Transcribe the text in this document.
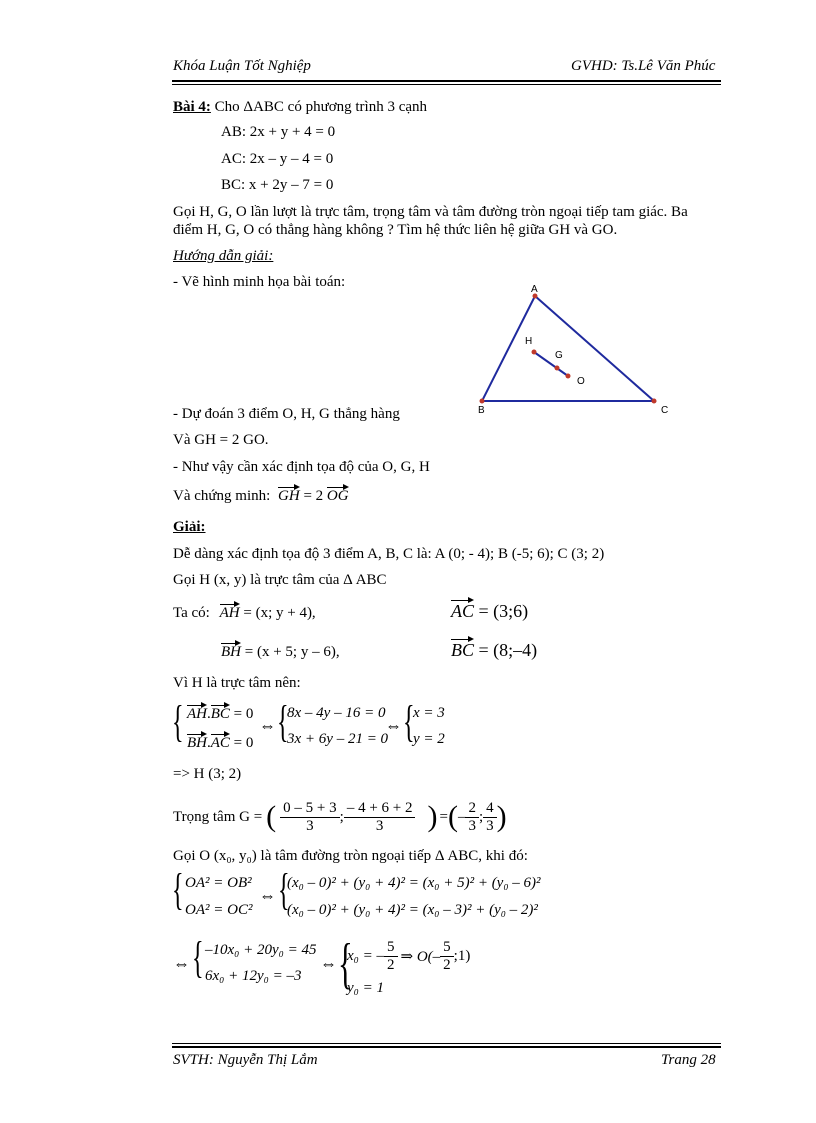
Khóa Luận Tốt Nghiệp	GVHD: Ts.Lê Văn Phúc
Bài 4: Cho ΔABC có phương trình 3 cạnh
AB: 2x + y + 4 = 0
AC: 2x – y – 4 = 0
BC: x + 2y – 7 = 0
Gọi H, G, O lần lượt là trực tâm, trọng tâm và tâm đường tròn ngoại tiếp tam giác. Ba
điểm H, G, O có thẳng hàng không ? Tìm hệ thức liên hệ giữa GH và GO.
Hướng dẫn giải:
- Vẽ hình minh họa bài toán:	A
B	C
H
G
O
- Dự đoán 3 điểm O, H, G thẳng hàng
Và GH = 2 GO.
- Như vậy cần xác định tọa độ của O, G, H
Và chứng minh: GH = 2 OG
Giải:
Dễ dàng xác định tọa độ 3 điểm A, B, C là: A (0; - 4); B (-5; 6); C (3; 2)
Gọi H (x, y) là trực tâm của Δ ABC
Ta có: AH = (x; y + 4),	AC = (3;6)
BH = (x + 5; y – 6),	BC = (8;–4)
Vì H là trực tâm nên:
{ AH.BC = 0
BH.AC = 0
⇔ {
8x – 4y – 16 = 0
3x + 6y – 21 = 0
⇔ {
x = 3
y = 2
=> H (3; 2)
Trọng tâm G = ( $\frac{0 - 5 + 3}{3}$ ; $\frac{- 4 + 6 + 2}{3}$ ) = ( – $\frac{2}{3}$ ; $\frac{4}{3}$ )
Gọi O (x₀, y₀) là tâm đường tròn ngoại tiếp Δ ABC, khi đó:
{ OA² = OB²
OA² = OC²
⇔ {
(x₀ – 0)² + (y₀ + 4)² = (x₀ + 5)² + (y₀ – 6)²
(x₀ – 0)² + (y₀ + 4)² = (x₀ – 3)² + (y₀ – 2)²
⇔ { –10x₀ + 20y₀ = 45
6x₀ + 12y₀ = –3
⇔ {
x₀ = – $\frac{5}{2}$ ⇒ $O(- \frac{5}{2}$ ;1)
y₀ = 1
SVTH: Nguyễn Thị Lắm	Trang 28
